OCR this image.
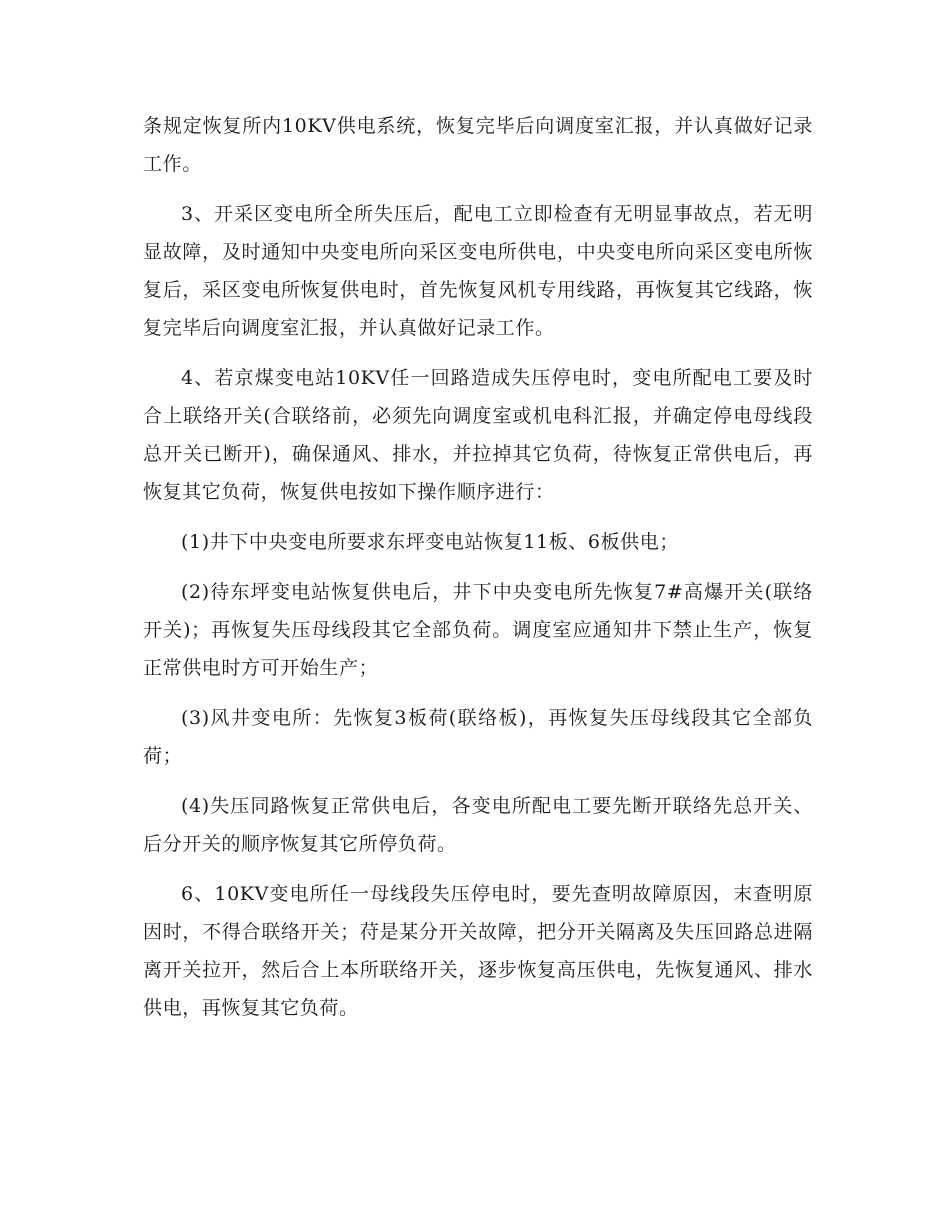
条规定恢复所内10KV供电系统，恢复完毕后向调度室汇报，并认真做好记录工作。

3、开采区变电所全所失压后，配电工立即检查有无明显事故点，若无明显故障，及时通知中央变电所向采区变电所供电，中央变电所向采区变电所恢复后，采区变电所恢复供电时，首先恢复风机专用线路，再恢复其它线路，恢复完毕后向调度室汇报，并认真做好记录工作。

4、若京煤变电站10KV任一回路造成失压停电时，变电所配电工要及时合上联络开关(合联络前，必须先向调度室或机电科汇报，并确定停电母线段总开关已断开)，确保通风、排水，并拉掉其它负荷，待恢复正常供电后，再恢复其它负荷，恢复供电按如下操作顺序进行：

(1)井下中央变电所要求东坪变电站恢复11板、6板供电；

(2)待东坪变电站恢复供电后，井下中央变电所先恢复7#高爆开关(联络开关)；再恢复失压母线段其它全部负荷。调度室应通知井下禁止生产，恢复正常供电时方可开始生产；

(3)风井变电所：先恢复3板荷(联络板)，再恢复失压母线段其它全部负荷；

(4)失压同路恢复正常供电后，各变电所配电工要先断开联络先总开关、后分开关的顺序恢复其它所停负荷。

6、10KV变电所任一母线段失压停电时，要先查明故障原因，末查明原因时，不得合联络开关；苻是某分开关故障，把分开关隔离及失压回路总进隔离开关拉开，然后合上本所联络开关，逐步恢复高压供电，先恢复通风、排水供电，再恢复其它负荷。
